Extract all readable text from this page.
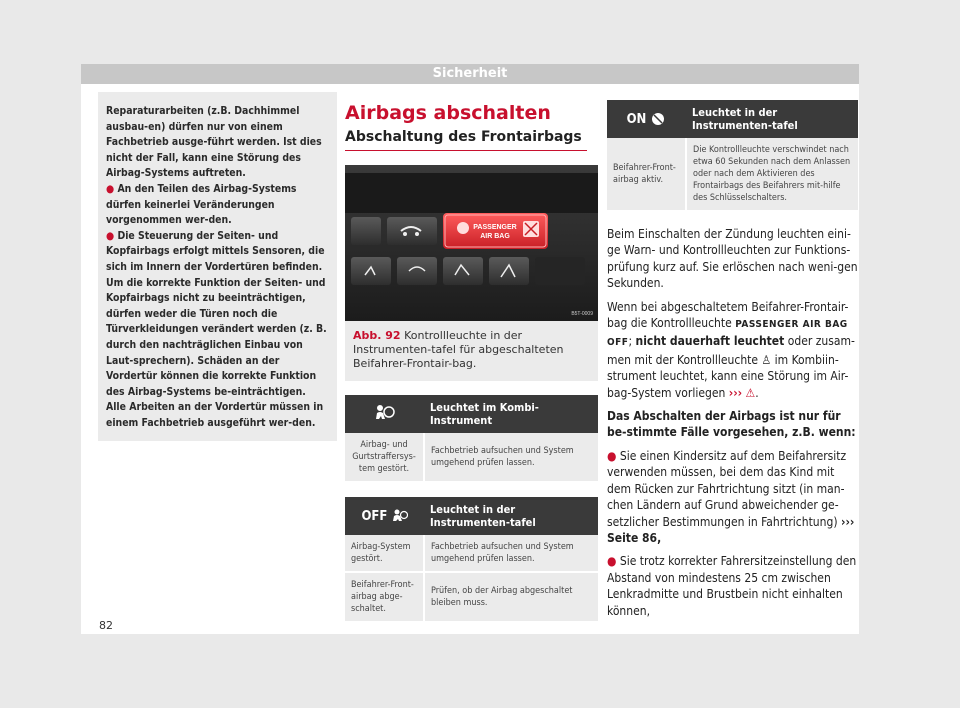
Sicherheit

Reparaturarbeiten (z.B. Dachhimmel ausbau-en) dürfen nur von einem Fachbetrieb ausge-führt werden. Ist dies nicht der Fall, kann eine Störung des Airbag-Systems auftreten.

● An den Teilen des Airbag-Systems dürfen keinerlei Veränderungen vorgenommen wer-den.

● Die Steuerung der Seiten- und Kopfairbags erfolgt mittels Sensoren, die sich im Innern der Vordertüren befinden. Um die korrekte Funktion der Seiten- und Kopfairbags nicht zu beeinträchtigen, dürfen weder die Türen noch die Türverkleidungen verändert werden (z. B. durch den nachträglichen Einbau von Laut-sprechern). Schäden an der Vordertür können die korrekte Funktion des Airbag-Systems be-einträchtigen. Alle Arbeiten an der Vordertür müssen in einem Fachbetrieb ausgeführt wer-den.

Airbags abschalten
Abschaltung des Frontairbags
PASSENGER
AIR BAG
B5T-0009
Abb. 92 Kontrollleuchte in der Instrumenten-tafel für abgeschalteten Beifahrer-Frontair-bag.
	Leuchtet im Kombi-Instrument
Airbag- und Gurtstraffersys-tem gestört.	Fachbetrieb aufsuchen und System umgehend prüfen lassen.
OFF	Leuchtet in der Instrumenten-tafel
Airbag-System gestört.	Fachbetrieb aufsuchen und System umgehend prüfen lassen.
Beifahrer-Front-airbag abge-schaltet.	Prüfen, ob der Airbag abgeschaltet bleiben muss.
ON	Leuchtet in der Instrumenten-tafel
Beifahrer-Front-airbag aktiv.	Die Kontrollleuchte verschwindet nach etwa 60 Sekunden nach dem Anlassen oder nach dem Aktivieren des Frontairbags des Beifahrers mit-hilfe des Schlüsselschalters.

Beim Einschalten der Zündung leuchten eini-ge Warn- und Kontrollleuchten zur Funktions-prüfung kurz auf. Sie erlöschen nach weni-gen Sekunden.

Wenn bei abgeschaltetem Beifahrer-Frontair-bag die Kontrollleuchte PASSENGER AIR BAG OFF; nicht dauerhaft leuchtet oder zusam-men mit der Kontrollleuchte ♙ im Kombiin-strument leuchtet, kann eine Störung im Air-bag-System vorliegen ››› ⚠.

Das Abschalten der Airbags ist nur für be-stimmte Fälle vorgesehen, z.B. wenn:

● Sie einen Kindersitz auf dem Beifahrersitz verwenden müssen, bei dem das Kind mit dem Rücken zur Fahrtrichtung sitzt (in man-chen Ländern auf Grund abweichender ge-setzlicher Bestimmungen in Fahrtrichtung) ››› Seite 86,

● Sie trotz korrekter Fahrersitzeinstellung den Abstand von mindestens 25 cm zwischen Lenkradmitte und Brustbein nicht einhalten können,

82
